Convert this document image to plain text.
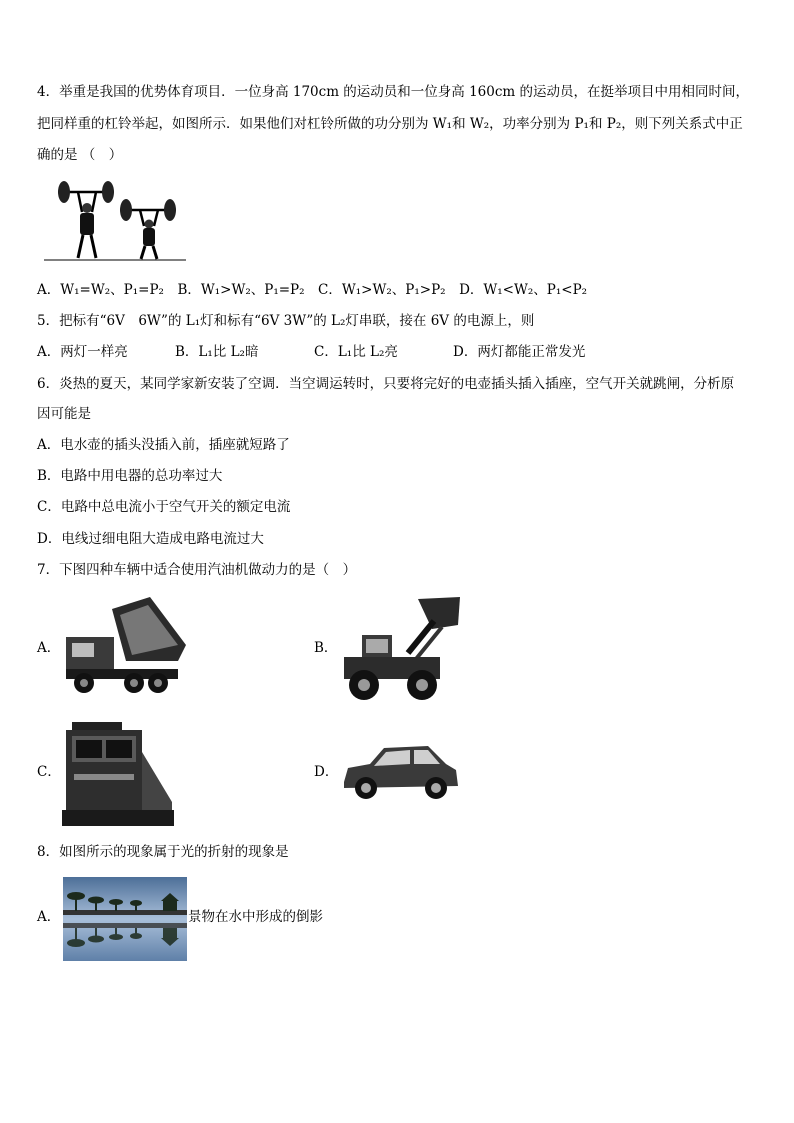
4．举重是我国的优势体育项目．一位身高 170cm 的运动员和一位身高 160cm 的运动员，在挺举项目中用相同时间，
把同样重的杠铃举起，如图所示．如果他们对杠铃所做的功分别为 W₁和 W₂，功率分别为 P₁和 P₂，则下列关系式中正
确的是 （　）
A．W₁=W₂、P₁=P₂　B．W₁>W₂、P₁=P₂　C．W₁>W₂、P₁>P₂　D．W₁<W₂、P₁<P₂
5．把标有“6V　6W”的 L₁灯和标有“6V 3W”的 L₂灯串联，接在 6V 的电源上，则
A．两灯一样亮	B．L₁比 L₂暗	C．L₁比 L₂亮	D．两灯都能正常发光
6．炎热的夏天，某同学家新安装了空调．当空调运转时，只要将完好的电壶插头插入插座，空气开关就跳闸，分析原
因可能是
A．电水壶的插头没插入前，插座就短路了
B．电路中用电器的总功率过大
C．电路中总电流小于空气开关的额定电流
D．电线过细电阻大造成电路电流过大
7．下图四种车辆中适合使用汽油机做动力的是（　）
A．	B．
C．	D．
8．如图所示的现象属于光的折射的现象是
A．	景物在水中形成的倒影
